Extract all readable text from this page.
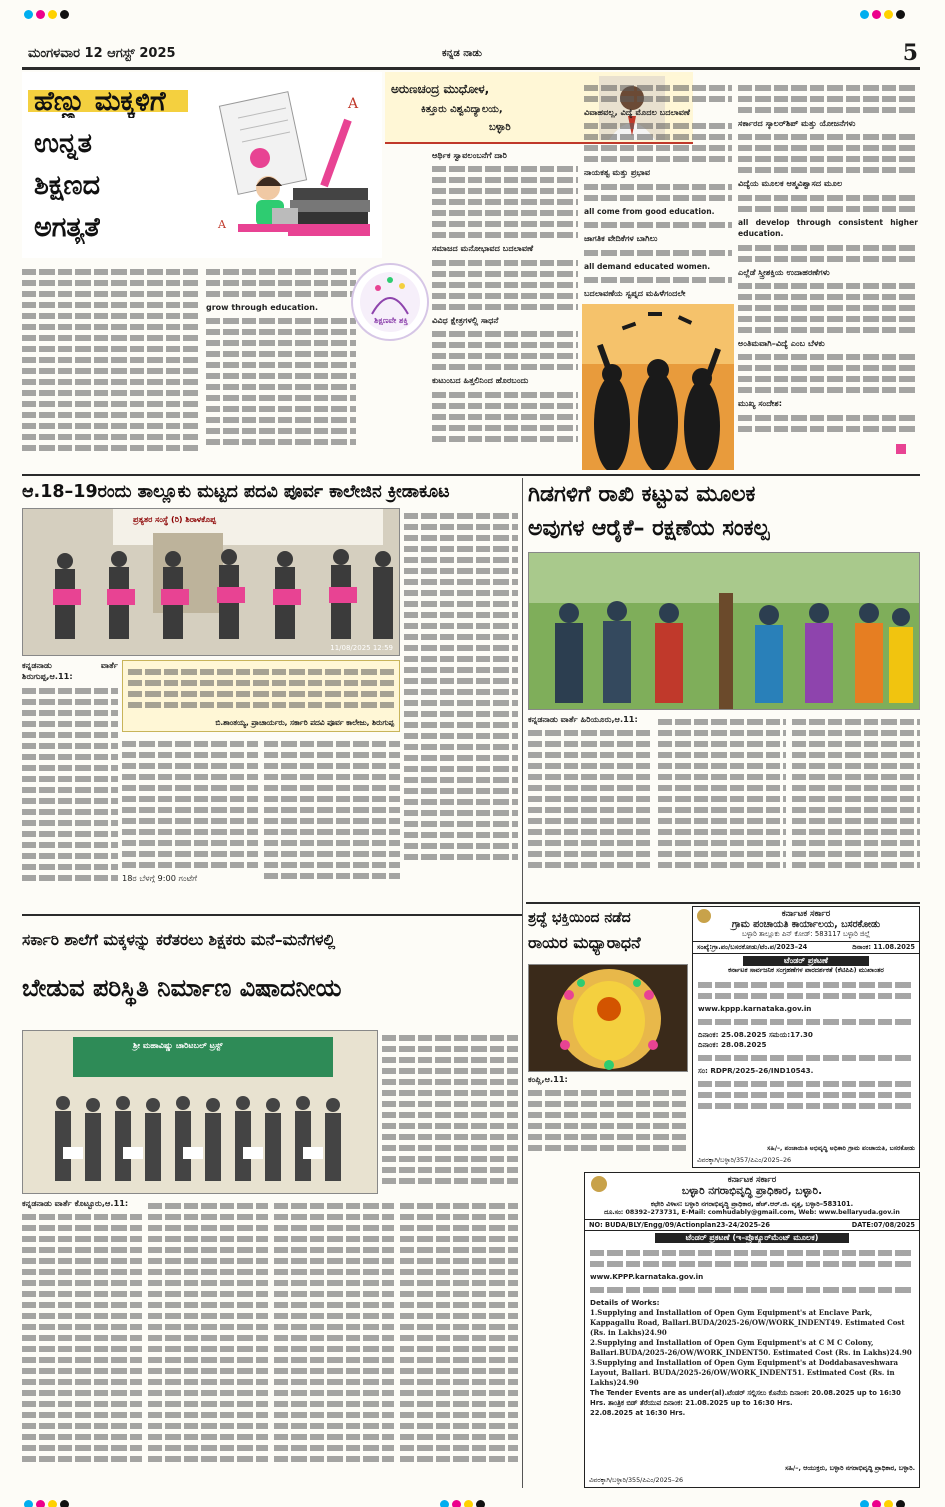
ಮಂಗಳವಾರ 12 ಆಗಸ್ಟ್ 2025	ಕನ್ನಡ ನಾಡು	5
ಹೆಣ್ಣು ಮಕ್ಕಳಿಗೆ
ಉನ್ನತ
ಶಿಕ್ಷಣದ
ಅಗತ್ಯತೆ
A
A
ಅರುಣಚಂದ್ರ ಮುಧೋಳ,
ಕಿತ್ತೂರು ವಿಶ್ವವಿದ್ಯಾಲಯ,
ಬಳ್ಳಾರಿ
grow through education.
ಶಿಕ್ಷಣವೇ ಶಕ್ತಿ
ಆರ್ಥಿಕ ಸ್ವಾವಲಂಬನೆಗೆ ದಾರಿ
ಸಮಾಜದ ಮನೋಭಾವದ ಬದಲಾವಣೆ
ವಿವಿಧ ಕ್ಷೇತ್ರಗಳಲ್ಲಿ ಸಾಧನೆ
ಕುಟುಂಬದ ಹಿತ್ತಲಿನಿಂದ ಹೊರಬಂದು
ವಿವಾಹವಲ್ಲ, ವಿದ್ಯೆ ಮೊದಲ ಬದಲಾವಣೆ
ನಾಯಕತ್ವ ಮತ್ತು ಪ್ರಭಾವ
all come from good education.
ಜಾಗತಿಕ ವೇದಿಕೆಗಳ ಬಾಗಿಲು
all demand educated women.
ಬದಲಾವಣೆಯ ಸ್ವಪ್ನದ ಮಹಿಳೆಗಂದಲೇ
ಸರ್ಕಾರದ ಸ್ಕಾಲರ್‌ಶಿಪ್ ಮತ್ತು ಯೋಜನೆಗಳು
ವಿದ್ಯೆಯ ಮೂಲಕ ಆತ್ಮವಿಶ್ವಾಸದ ಮೂಲ
all develop through consistent higher education.
ಎಲ್ಲೆಡೆ ಸ್ತ್ರೀಶಕ್ತಿಯ ಉದಾಹರಣೆಗಳು
ಅಂತಿಮವಾಗಿ–ವಿದ್ಯೆ ಎಂಬ ಬೆಳಕು
ಮುಖ್ಯ ಸಂದೇಶ:
ಆ.18–19ರಂದು ತಾಲ್ಲೂಕು ಮಟ್ಟದ ಪದವಿ ಪೂರ್ವ ಕಾಲೇಜಿನ ಕ್ರೀಡಾಕೂಟ
ಪ್ರತ್ಯತರ ಸಂಸ್ಥೆ (ರಿ) ಶಿರಾಳಕೊಪ್ಪ
11/08/2025 12:59
ಕನ್ನಡನಾಡು ವಾರ್ತೆ ಶಿರುಗುಪ್ಪ,ಆ.11:
ಬಿ.ಶಾಂತಯ್ಯ, ಪ್ರಾಚಾರ್ಯರು, ಸರ್ಕಾರಿ ಪದವಿ ಪೂರ್ವ ಕಾಲೇಜು, ಶಿರುಗುಪ್ಪ
18ರ ಬೆಳಗ್ಗೆ 9:00 ಗಂಟೆಗೆ
ಗಿಡಗಳಿಗೆ ರಾಖಿ ಕಟ್ಟುವ ಮೂಲಕ
ಅವುಗಳ ಆರೈಕೆ– ರಕ್ಷಣೆಯ ಸಂಕಲ್ಪ
ಕನ್ನಡನಾಡು ವಾರ್ತೆ ಹಿರಿಯೂರು,ಆ.11:
ಶ್ರದ್ಧೆ ಭಕ್ತಿಯಿಂದ ನಡೆದ
ರಾಯರ ಮಧ್ಯಾರಾಧನೆ
ಕಂಪ್ಲಿ,ಆ.11:
ಕರ್ನಾಟಕ ಸರ್ಕಾರ
ಗ್ರಾಮ ಪಂಚಾಯತಿ ಕಾರ್ಯಾಲಯ, ಬಸರಕೋಡು
ಬಳ್ಳಾರಿ ತಾಲ್ಲೂಕು ಪಿನ್ ಕೋಡ್: 583117 ಬಳ್ಳಾರಿ ಜಿಲ್ಲೆ
ಸಂಖ್ಯೆ:ಗ್ರಾ.ಪಂ/ಬಸರಕೋಡು/ಟೆಂ.ಪ/2023–24	ದಿನಾಂಕ: 11.08.2025
ಟೆಂಡರ್ ಪ್ರಕಟಣೆ
ಕರ್ನಾಟಕ ಸಾರ್ವಜನಿಕ ಸಂಗ್ರಹಣೆಗಳ ಪಾರದರ್ಶಕತೆ (ಕೆಟಿಪಿಪಿ) ಮುಖಾಂತರ
www.kppp.karnataka.gov.in
ದಿನಾಂಕ: 25.08.2025 ಸಮಯ:17.30
ದಿನಾಂಕ: 28.08.2025
ಸಂ: RDPR/2025-26/IND10543.
ಸಹಿ/–, ಪಂಚಾಯಿತಿ ಅಭಿವೃದ್ಧಿ ಅಧಿಕಾರಿ ಗ್ರಾಮ ಪಂಚಾಯತಿ, ಬಸರಕೋಡು
ವಿವರಕ್ಕಾಗಿ/ಬಳ್ಳಾರಿ/357/ಪಿಎಂ/2025–26
ಸರ್ಕಾರಿ ಶಾಲೆಗೆ ಮಕ್ಕಳನ್ನು ಕರೆತರಲು ಶಿಕ್ಷಕರು ಮನೆ–ಮನೆಗಳಲ್ಲಿ
ಬೇಡುವ ಪರಿಸ್ಥಿತಿ ನಿರ್ಮಾಣ ವಿಷಾದನೀಯ
ಶ್ರೀ ಮಹಾವಿಷ್ಣು ಚಾರಿಟಬಲ್ ಟ್ರಸ್ಟ್
ಕನ್ನಡನಾಡು ವಾರ್ತೆ ಕೊಟ್ಟೂರು,ಆ.11:
ಕರ್ನಾಟಕ ಸರ್ಕಾರ
ಬಳ್ಳಾರಿ ನಗರಾಭಿವೃದ್ಧಿ ಪ್ರಾಧಿಕಾರ, ಬಳ್ಳಾರಿ.
ಕಛೇರಿ ವಿಳಾಸ: ಬಳ್ಳಾರಿ ನಗರಾಭಿವೃದ್ಧಿ ಪ್ರಾಧಿಕಾರ, ಹೆಚ್.ಆರ್.ಜಿ. ವೃತ್ತ, ಬಳ್ಳಾರಿ–583101.
ದೂ.ಸಂ: 08392–273731, E-Mail: comhudably@gmail.com, Web: www.bellaryuda.gov.in
NO: BUDA/BLY/Engg/09/Actionplan23-24/2025-26	DATE:07/08/2025
ಟೆಂಡರ್ ಪ್ರಕಟಣೆ (ಇ–ಪ್ರೊಕ್ಯೂರ್‌ಮೆಂಟ್ ಮೂಲಕ)
www.KPPP.karnataka.gov.in
Details of Works:
1.Supplying and Installation of Open Gym Equipment's at Enclave Park, Kappagallu Road, Ballari.BUDA/2025-26/OW/WORK_INDENT49. Estimated Cost (Rs. in Lakhs)24.90
2.Supplying and Installation of Open Gym Equipment's at C M C Colony, Ballari.BUDA/2025-26/OW/WORK_INDENT50. Estimated Cost (Rs. in Lakhs)24.90
3.Supplying and Installation of Open Gym Equipment's at Doddabasaveshwara Layout, Ballari. BUDA/2025-26/OW/WORK_INDENT51. Estimated Cost (Rs. in Lakhs)24.90
The Tender Events are as under(al).ಟೆಂಡರ್ ಸಲ್ಲಿಸಲು ಕೊನೆಯ ದಿನಾಂಕ: 20.08.2025 up to 16:30 Hrs. ತಾಂತ್ರಿಕ ಬಿಡ್ ತೆರೆಯುವ ದಿನಾಂಕ: 21.08.2025 up to 16:30 Hrs.
22.08.2025 at 16:30 Hrs.
ಸಹಿ/–, ಆಯುಕ್ತರು, ಬಳ್ಳಾರಿ ನಗರಾಭಿವೃದ್ಧಿ ಪ್ರಾಧಿಕಾರ, ಬಳ್ಳಾರಿ.
ವಿವರಕ್ಕಾಗಿ/ಬಳ್ಳಾರಿ/355/ಪಿಎಂ/2025–26
